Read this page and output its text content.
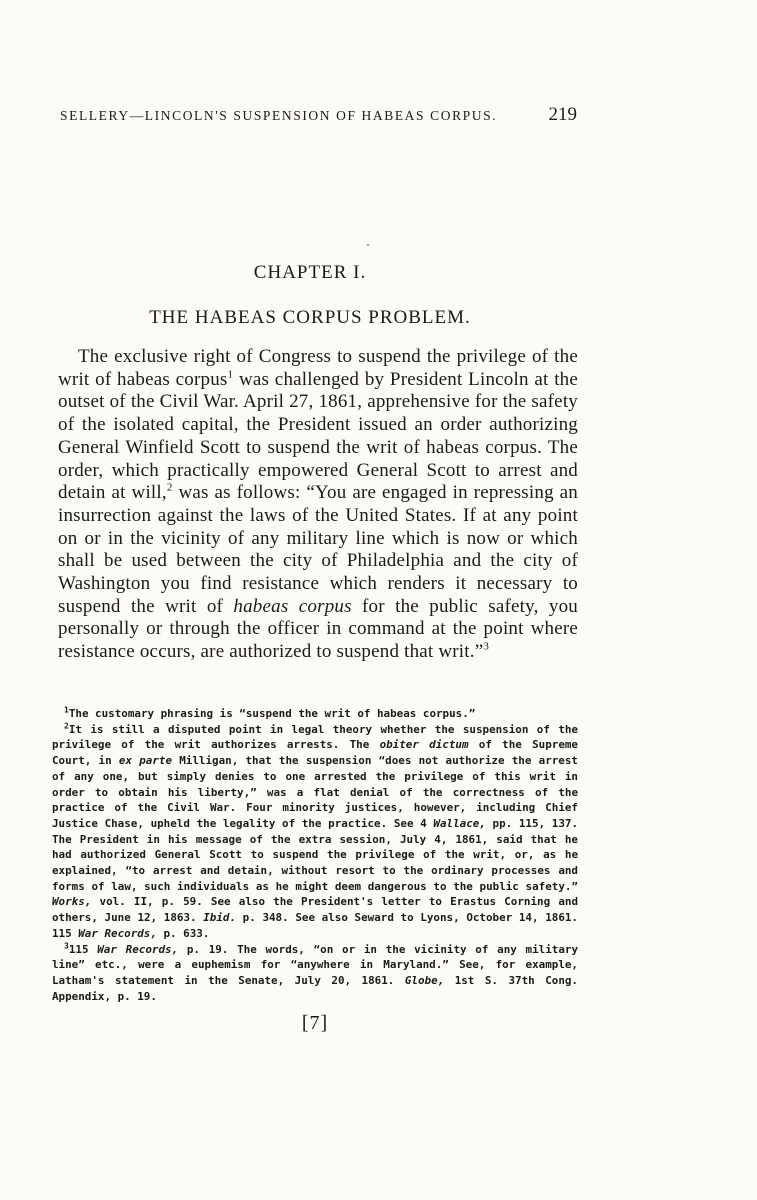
SELLERY—LINCOLN'S SUSPENSION OF HABEAS CORPUS.	219
CHAPTER I.
THE HABEAS CORPUS PROBLEM.

The exclusive right of Congress to suspend the privilege of the writ of habeas corpus$^1$ was challenged by President Lincoln at the outset of the Civil War. April 27, 1861, apprehensive for the safety of the isolated capital, the President issued an order authorizing General Winfield Scott to suspend the writ of habeas corpus. The order, which practically empowered General Scott to arrest and detain at will,$^2$ was as follows: “You are engaged in repressing an insurrection against the laws of the United States. If at any point on or in the vicinity of any military line which is now or which shall be used between the city of Philadelphia and the city of Washington you find resistance which renders it necessary to suspend the writ of habeas corpus for the public safety, you personally or through the officer in command at the point where resistance occurs, are authorized to suspend that writ.”$^3$

$^1$The customary phrasing is “suspend the writ of habeas corpus.”

$^2$It is still a disputed point in legal theory whether the suspension of the privilege of the writ authorizes arrests. The obiter dictum of the Supreme Court, in ex parte Milligan, that the suspension “does not authorize the arrest of any one, but simply denies to one arrested the privilege of this writ in order to obtain his liberty,” was a flat denial of the correctness of the practice of the Civil War. Four minority justices, however, including Chief Justice Chase, upheld the legality of the practice. See 4 Wallace, pp. 115, 137. The President in his message of the extra session, July 4, 1861, said that he had authorized General Scott to suspend the privilege of the writ, or, as he explained, “to arrest and detain, without resort to the ordinary processes and forms of law, such individuals as he might deem dangerous to the public safety.” Works, vol. II, p. 59. See also the President's letter to Erastus Corning and others, June 12, 1863. Ibid. p. 348. See also Seward to Lyons, October 14, 1861. 115 War Records, p. 633.

$^3$115 War Records, p. 19. The words, “on or in the vicinity of any military line” etc., were a euphemism for “anywhere in Maryland.” See, for example, Latham's statement in the Senate, July 20, 1861. Globe, 1st S. 37th Cong. Appendix, p. 19.

[7]
